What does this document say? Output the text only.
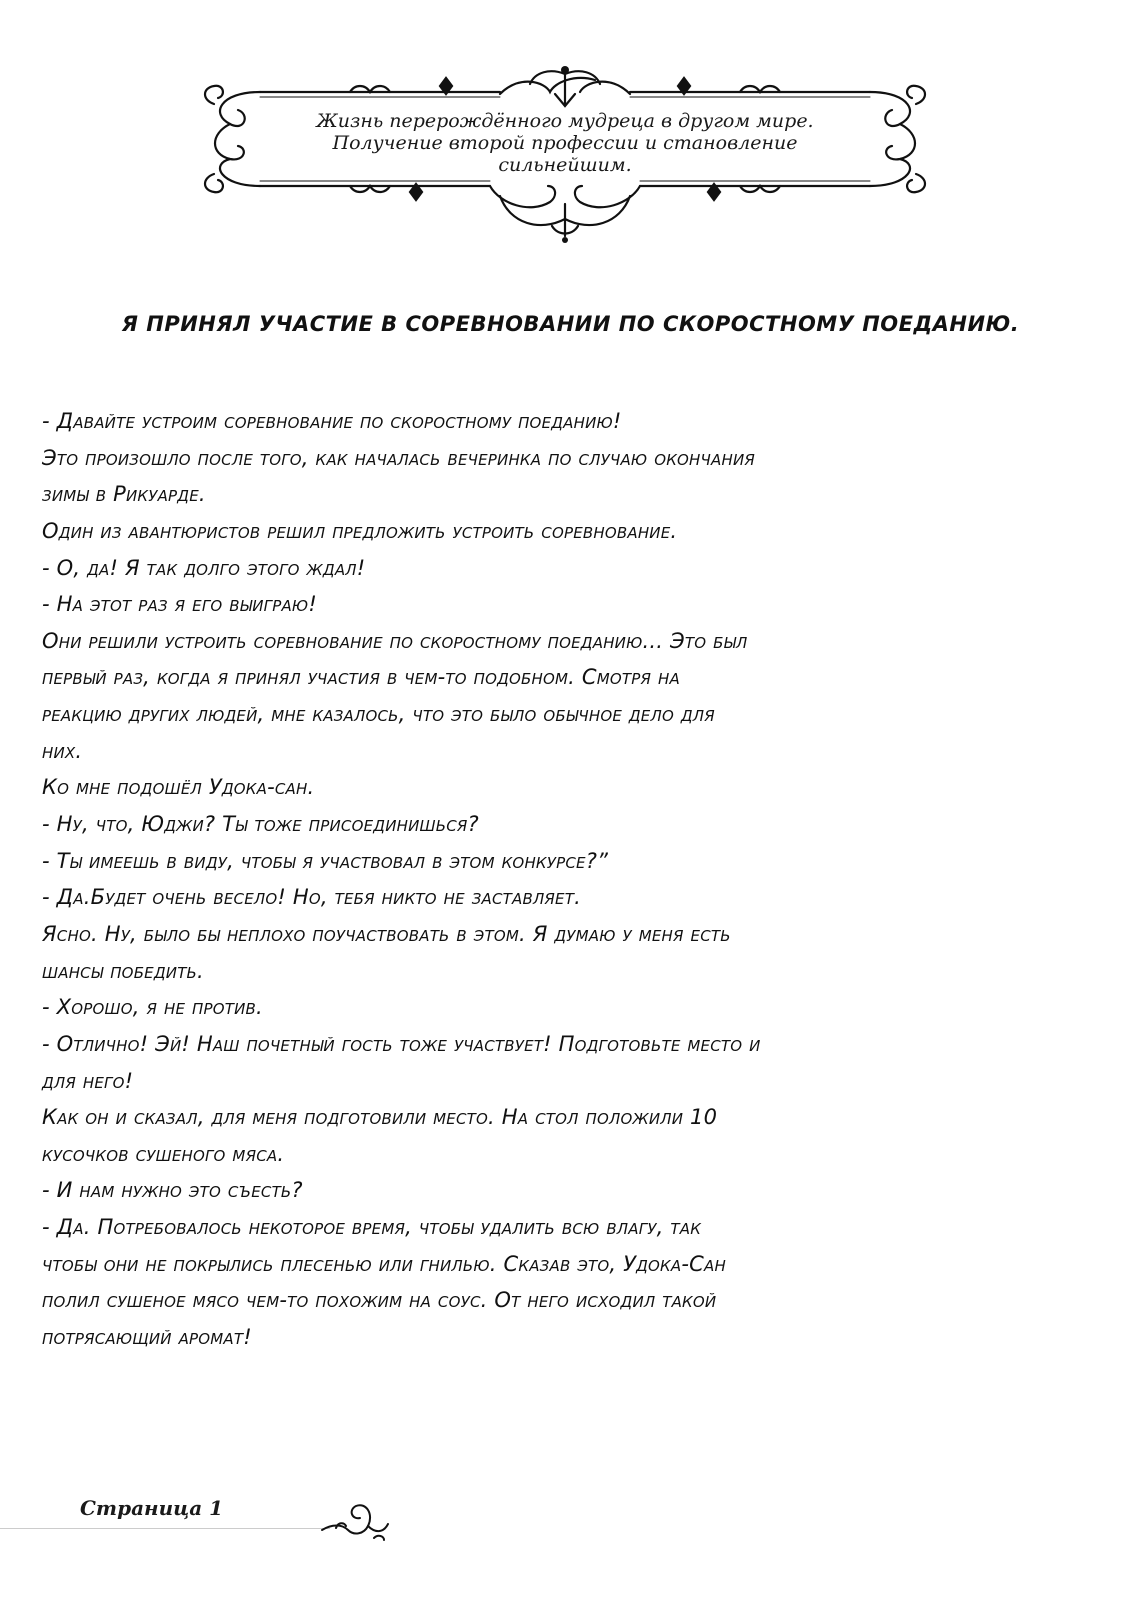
Жизнь перерождённого мудреца в другом мире.
Получение второй профессии и становление
сильнейшим.
Я ПРИНЯЛ УЧАСТИЕ В СОРЕВНОВАНИИ ПО СКОРОСТНОМУ ПОЕДАНИЮ.
- Давайте устроим соревнование по скоростному поеданию!
Это произошло после того, как началась вечеринка по случаю окончания
зимы в Рикуарде.
Один из авантюристов решил предложить устроить соревнование.
- О, да! Я так долго этого ждал!
- На этот раз я его выиграю!
Они решили устроить соревнование по скоростному поеданию... Это был
первый раз, когда я принял участия в чем-то подобном. Смотря на
реакцию других людей, мне казалось, что это было обычное дело для
них.
Ко мне подошёл Удока-сан.
- Ну, что, Юджи? Ты тоже присоединишься?
- Ты имеешь в виду, чтобы я участвовал в этом конкурсе?”
- Да.Будет очень весело! Но, тебя никто не заставляет.
Ясно. Ну, было бы неплохо поучаствовать в этом. Я думаю у меня есть
шансы победить.
- Хорошо, я не против.
- Отлично! Эй! Наш почетный гость тоже участвует! Подготовьте место и
для него!
Как он и сказал, для меня подготовили место. На стол положили 10
кусочков сушеного мяса.
- И нам нужно это съесть?
- Да. Потребовалось некоторое время, чтобы удалить всю влагу, так
чтобы они не покрылись плесенью или гнилью. Сказав это, Удока-Сан
полил сушеное мясо чем-то похожим на соус. От него исходил такой
потрясающий аромат!
Страница 1
